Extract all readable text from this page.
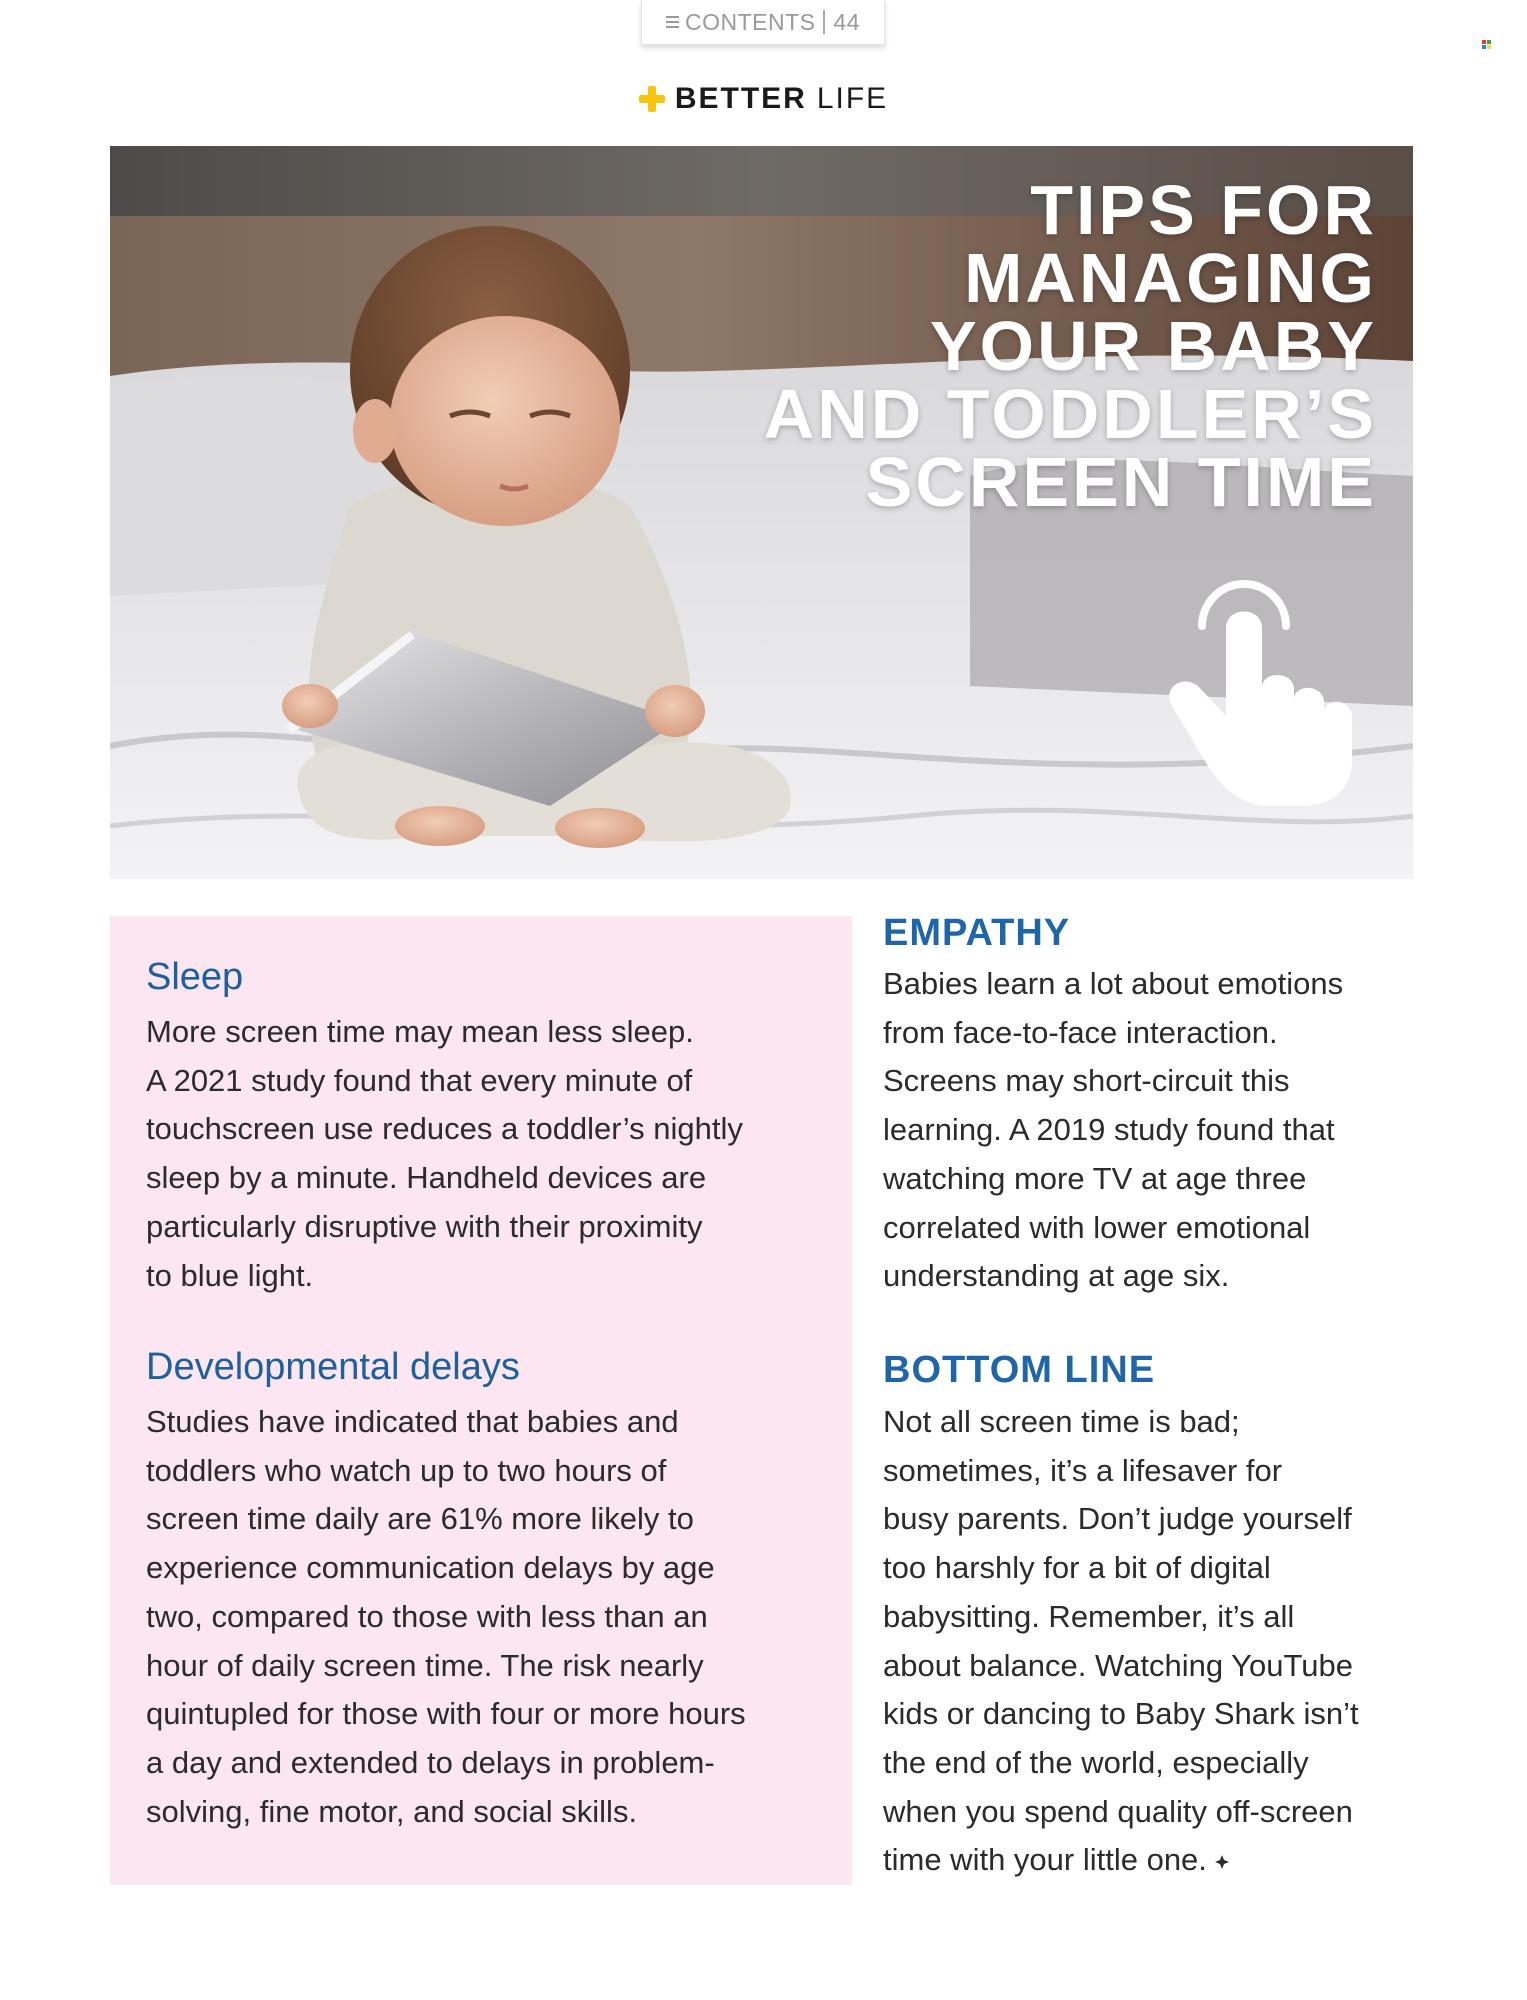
CONTENTS 44
BETTER LIFE
TIPS FOR
MANAGING
YOUR BABY
AND TODDLER’S
SCREEN TIME
Sleep
More screen time may mean less sleep.
A 2021 study found that every minute of
touchscreen use reduces a toddler’s nightly
sleep by a minute. Handheld devices are
particularly disruptive with their proximity
to blue light.
Developmental delays
Studies have indicated that babies and
toddlers who watch up to two hours of
screen time daily are 61% more likely to
experience communication delays by age
two, compared to those with less than an
hour of daily screen time. The risk nearly
quintupled for those with four or more hours
a day and extended to delays in problem-
solving, fine motor, and social skills.
EMPATHY
Babies learn a lot about emotions
from face-to-face interaction.
Screens may short-circuit this
learning. A 2019 study found that
watching more TV at age three
correlated with lower emotional
understanding at age six.
BOTTOM LINE
Not all screen time is bad;
sometimes, it’s a lifesaver for
busy parents. Don’t judge yourself
too harshly for a bit of digital
babysitting. Remember, it’s all
about balance. Watching YouTube
kids or dancing to Baby Shark isn’t
the end of the world, especially
when you spend quality off-screen
time with your little one.
